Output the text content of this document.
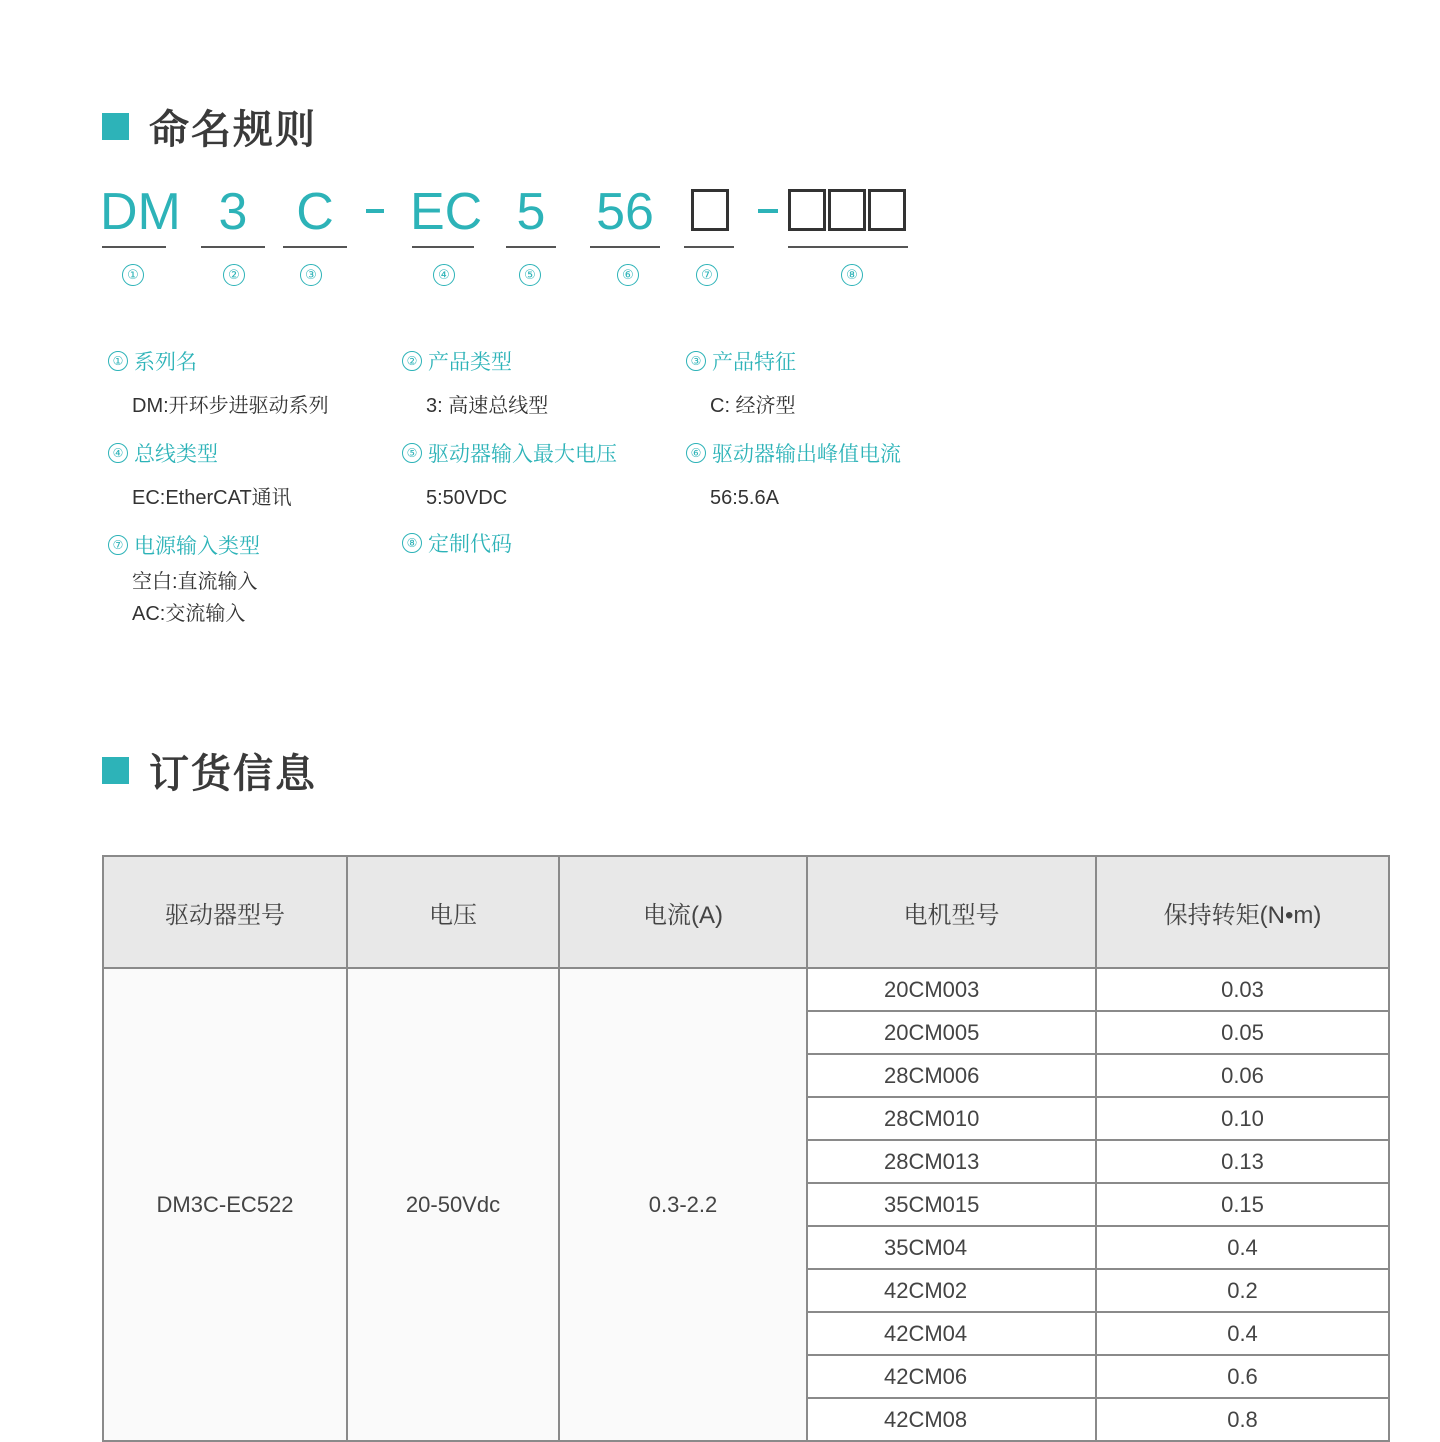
命名规则
DM 3 C EC 5 56
①	②	③	④	⑤	⑥	⑦	⑧
① 系列名
DM:开环步进驱动系列
② 产品类型
3: 高速总线型
③ 产品特征
C: 经济型
④ 总线类型
EC:EtherCAT通讯
⑤ 驱动器输入最大电压
5:50VDC
⑥ 驱动器输出峰值电流
56:5.6A
⑦ 电源输入类型
空白:直流输入
AC:交流输入
⑧ 定制代码
订货信息
驱动器型号	电压	电流(A)	电机型号	保持转矩(N•m)
DM3C-EC522	20-50Vdc	0.3-2.2	20CM003	0.03
			20CM005	0.05
			28CM006	0.06
			28CM010	0.10
			28CM013	0.13
			35CM015	0.15
			35CM04	0.4
			42CM02	0.2
			42CM04	0.4
			42CM06	0.6
			42CM08	0.8
